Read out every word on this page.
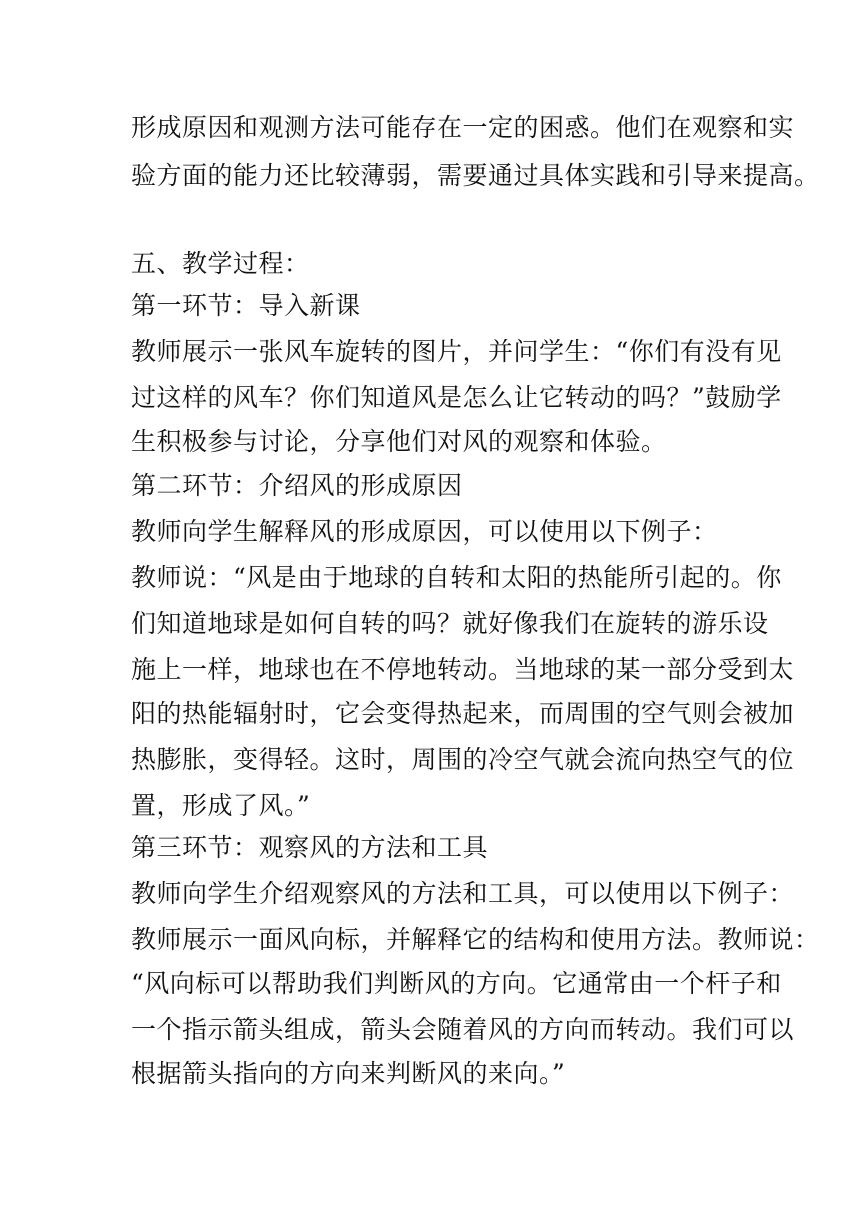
形成原因和观测方法可能存在一定的困惑。他们在观察和实
验方面的能力还比较薄弱，需要通过具体实践和引导来提高。
五、教学过程：
第一环节：导入新课
教师展示一张风车旋转的图片，并问学生：“你们有没有见
过这样的风车？你们知道风是怎么让它转动的吗？”鼓励学
生积极参与讨论，分享他们对风的观察和体验。
第二环节：介绍风的形成原因
教师向学生解释风的形成原因，可以使用以下例子：
教师说：“风是由于地球的自转和太阳的热能所引起的。你
们知道地球是如何自转的吗？就好像我们在旋转的游乐设
施上一样，地球也在不停地转动。当地球的某一部分受到太
阳的热能辐射时，它会变得热起来，而周围的空气则会被加
热膨胀，变得轻。这时，周围的冷空气就会流向热空气的位
置，形成了风。”
第三环节：观察风的方法和工具
教师向学生介绍观察风的方法和工具，可以使用以下例子：
教师展示一面风向标，并解释它的结构和使用方法。教师说：
“风向标可以帮助我们判断风的方向。它通常由一个杆子和
一个指示箭头组成，箭头会随着风的方向而转动。我们可以
根据箭头指向的方向来判断风的来向。”
